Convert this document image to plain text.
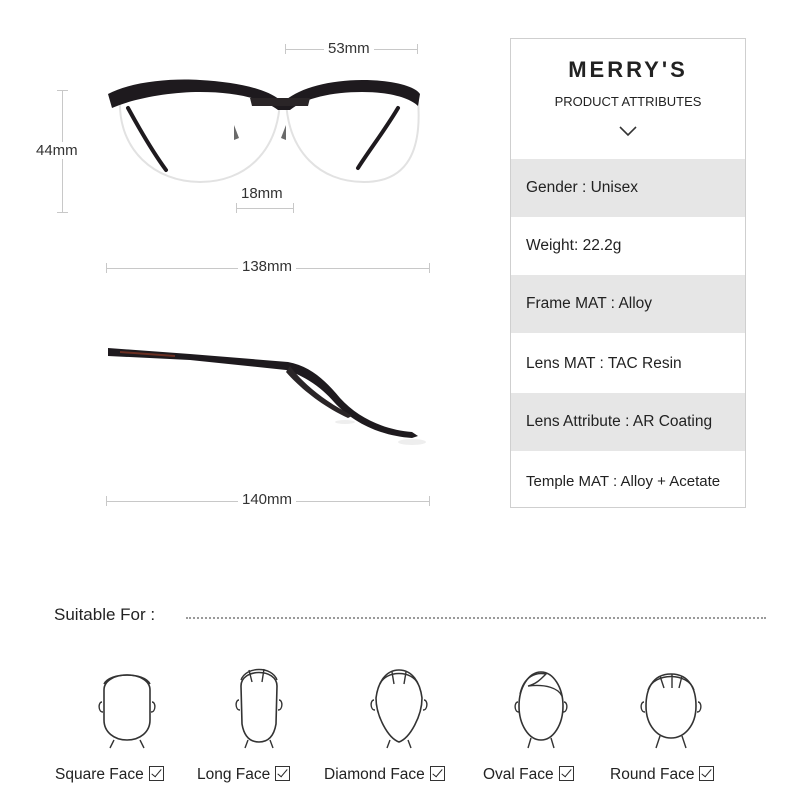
53mm
44mm
18mm
138mm
140mm
MERRY'S
PRODUCT ATTRIBUTES
Gender : Unisex
Weight: 22.2g
Frame MAT : Alloy
Lens MAT : TAC Resin
Lens Attribute : AR Coating
Temple MAT : Alloy + Acetate
Suitable For :
Square Face	Long Face	Diamond Face	Oval Face	Round Face
